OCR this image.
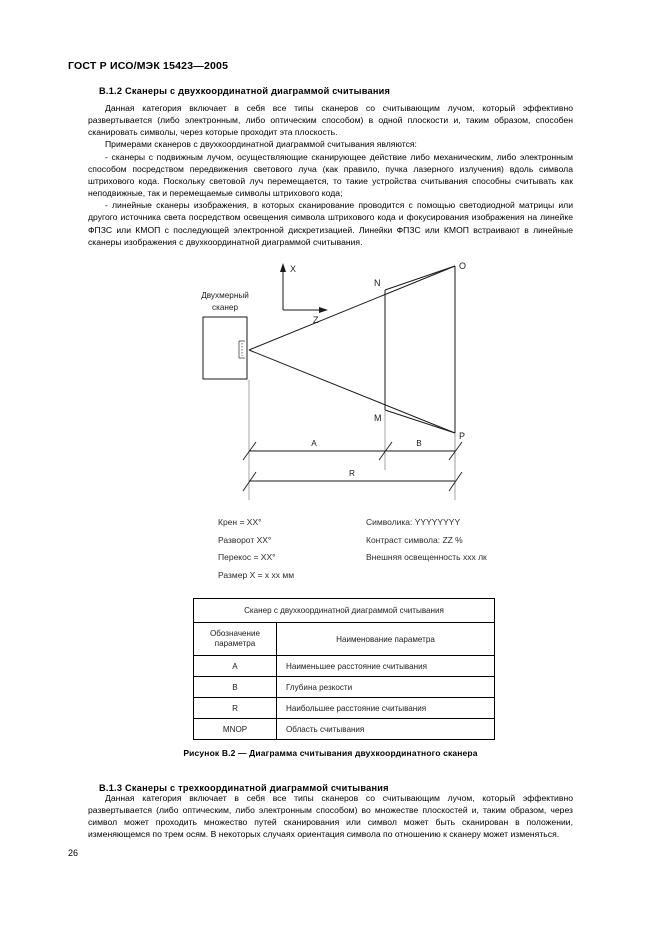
ГОСТ Р ИСО/МЭК 15423—2005
В.1.2 Сканеры с двухкоординатной диаграммой считывания

Данная категория включает в себя все типы сканеров со считывающим лучом, который эффективно развертывается (либо электронным, либо оптическим способом) в одной плоскости и, таким образом, способен сканировать символы, через которые проходит эта плоскость.

Примерами сканеров с двухкоординатной диаграммой считывания являются:

- сканеры с подвижным лучом, осуществляющие сканирующее действие либо механическим, либо электронным способом посредством передвижения светового луча (как правило, пучка лазерного излучения) вдоль символа штрихового кода. Поскольку световой луч перемещается, то такие устройства считывания способны считывать как неподвижные, так и перемещаемые символы штрихового кода;

- линейные сканеры изображения, в которых сканирование проводится с помощью светодиодной матрицы или другого источника света посредством освещения символа штрихового кода и фокусирования изображения на линейке ФПЗС или КМОП с последующей электронной дискретизацией. Линейки ФПЗС или КМОП встраивают в линейные сканеры изображения с двухкоординатной диаграммой считывания.

X
Z
N
O
M
P
A	B
R
Двухмерный
сканер
Крен = XX°	Символика: YYYYYYYY
Разворот XX°	Контраст символа: ZZ %
Перекос = XX°	Внешняя освещенность ххх лк
Размер X = x xx мм
Сканер с двухкоординатной диаграммой считывания	

Обозначение
параметра	Наименование параметра
A	Наименьшее расстояние считывания
B	Глубина резкости
R	Наибольшее расстояние считывания
MNOP	Область считывания
Рисунок В.2 — Диаграмма считывания двухкоординатного сканера
В.1.3 Сканеры с трехкоординатной диаграммой считывания

Данная категория включает в себя все типы сканеров со считывающим лучом, который эффективно развертывается (либо оптическим, либо электронным способом) во множестве плоскостей и, таким образом, через символ может проходить множество путей сканирования или символ может быть сканирован в положении, изменяющемся по трем осям. В некоторых случаях ориентация символа по отношению к сканеру может изменяться.

26
